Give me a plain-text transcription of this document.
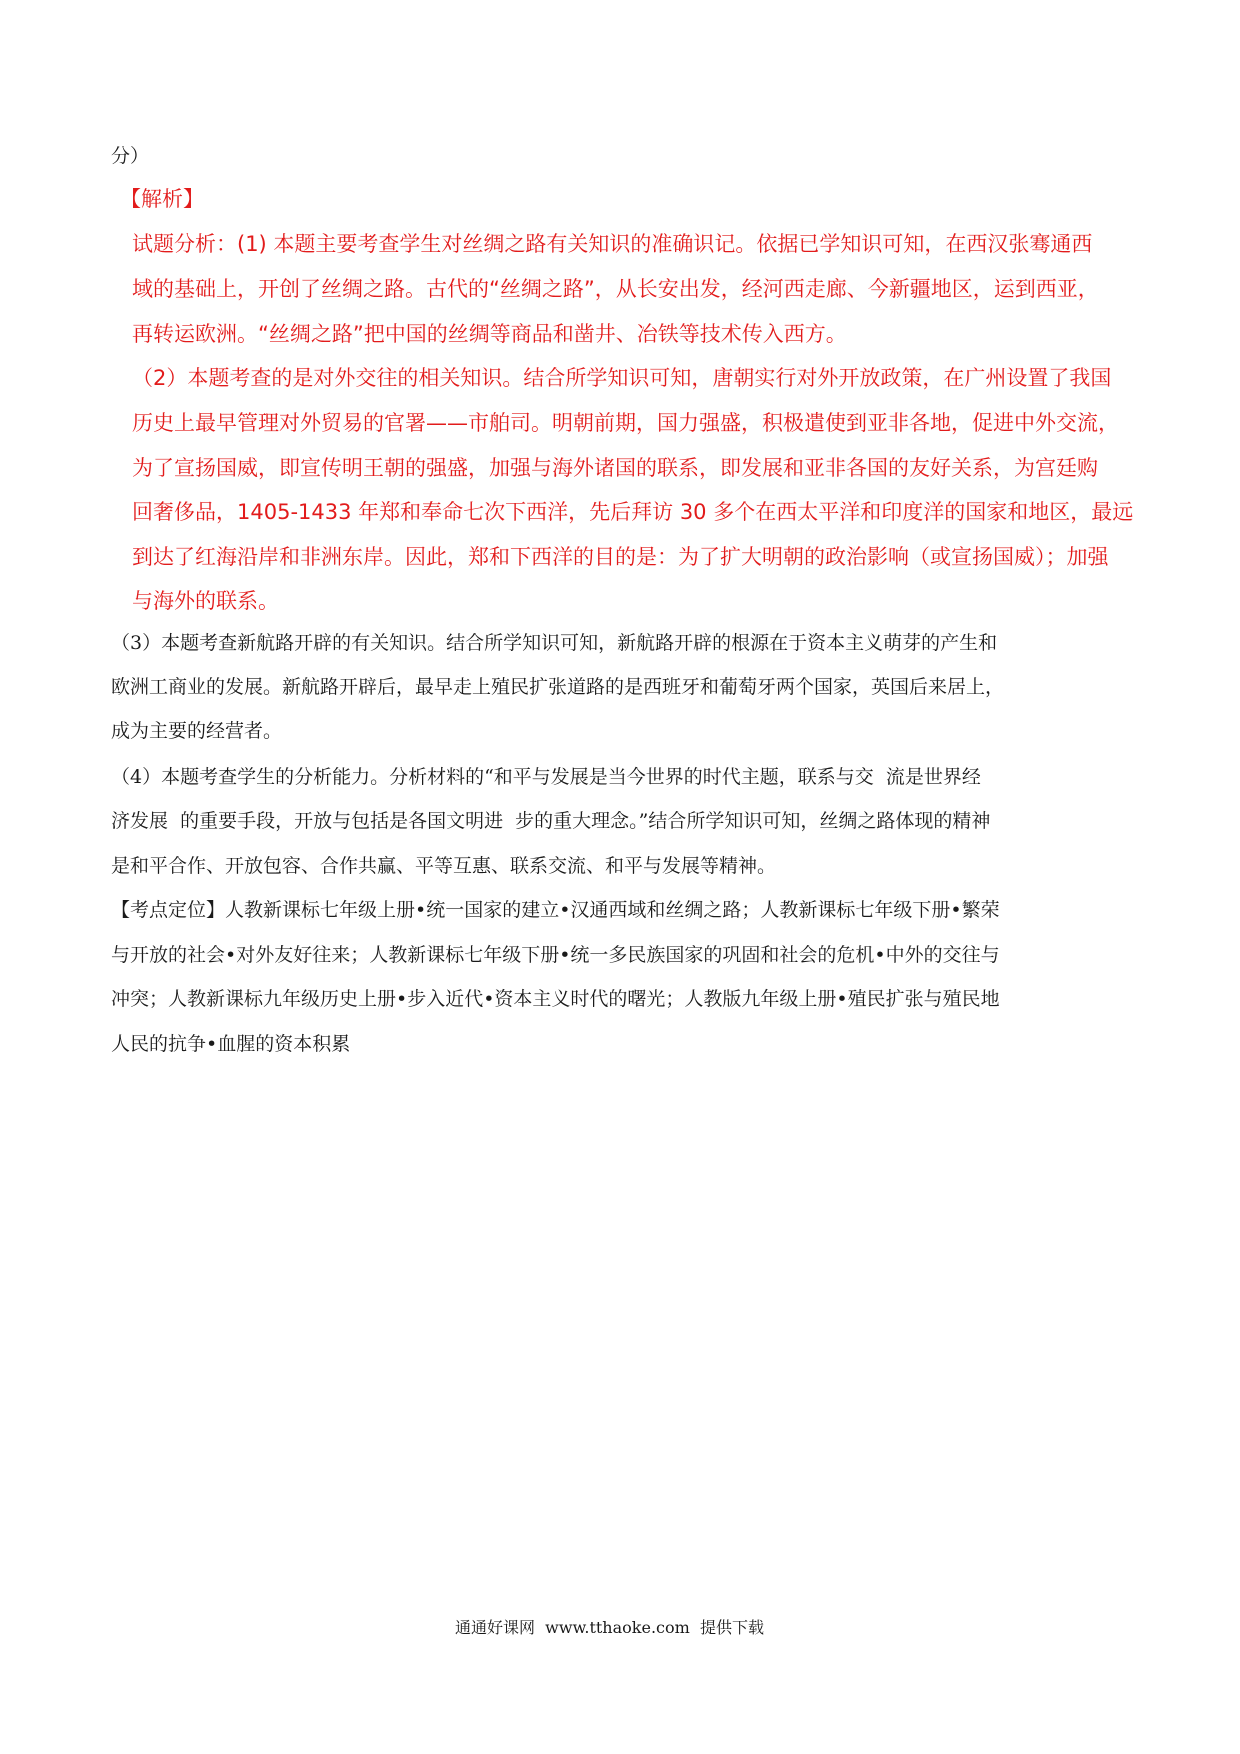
分）
【解析】
试题分析：(1) 本题主要考查学生对丝绸之路有关知识的准确识记。依据已学知识可知，在西汉张骞通西
域的基础上，开创了丝绸之路。古代的“丝绸之路”，从长安出发，经河西走廊、今新疆地区，运到西亚，
再转运欧洲。“丝绸之路”把中国的丝绸等商品和凿井、冶铁等技术传入西方。
（2）本题考查的是对外交往的相关知识。结合所学知识可知，唐朝实行对外开放政策，在广州设置了我国
历史上最早管理对外贸易的官署——市舶司。明朝前期，国力强盛，积极遣使到亚非各地，促进中外交流，
为了宣扬国威，即宣传明王朝的强盛，加强与海外诸国的联系，即发展和亚非各国的友好关系，为宫廷购
回奢侈品，1405-1433 年郑和奉命七次下西洋，先后拜访 30 多个在西太平洋和印度洋的国家和地区，最远
到达了红海沿岸和非洲东岸。因此，郑和下西洋的目的是：为了扩大明朝的政治影响（或宣扬国威）；加强
与海外的联系。
（3）本题考查新航路开辟的有关知识。结合所学知识可知，新航路开辟的根源在于资本主义萌芽的产生和
欧洲工商业的发展。新航路开辟后，最早走上殖民扩张道路的是西班牙和葡萄牙两个国家，英国后来居上，
成为主要的经营者。
（4）本题考查学生的分析能力。分析材料的“和平与发展是当今世界的时代主题，联系与交  流是世界经
济发展  的重要手段，开放与包括是各国文明进  步的重大理念。”结合所学知识可知，丝绸之路体现的精神
是和平合作、开放包容、合作共赢、平等互惠、联系交流、和平与发展等精神。
【考点定位】人教新课标七年级上册•统一国家的建立•汉通西域和丝绸之路；人教新课标七年级下册•繁荣
与开放的社会•对外友好往来；人教新课标七年级下册•统一多民族国家的巩固和社会的危机•中外的交往与
冲突；人教新课标九年级历史上册•步入近代•资本主义时代的曙光；人教版九年级上册•殖民扩张与殖民地
人民的抗争•血腥的资本积累
通通好课网  www.tthaoke.com  提供下载
